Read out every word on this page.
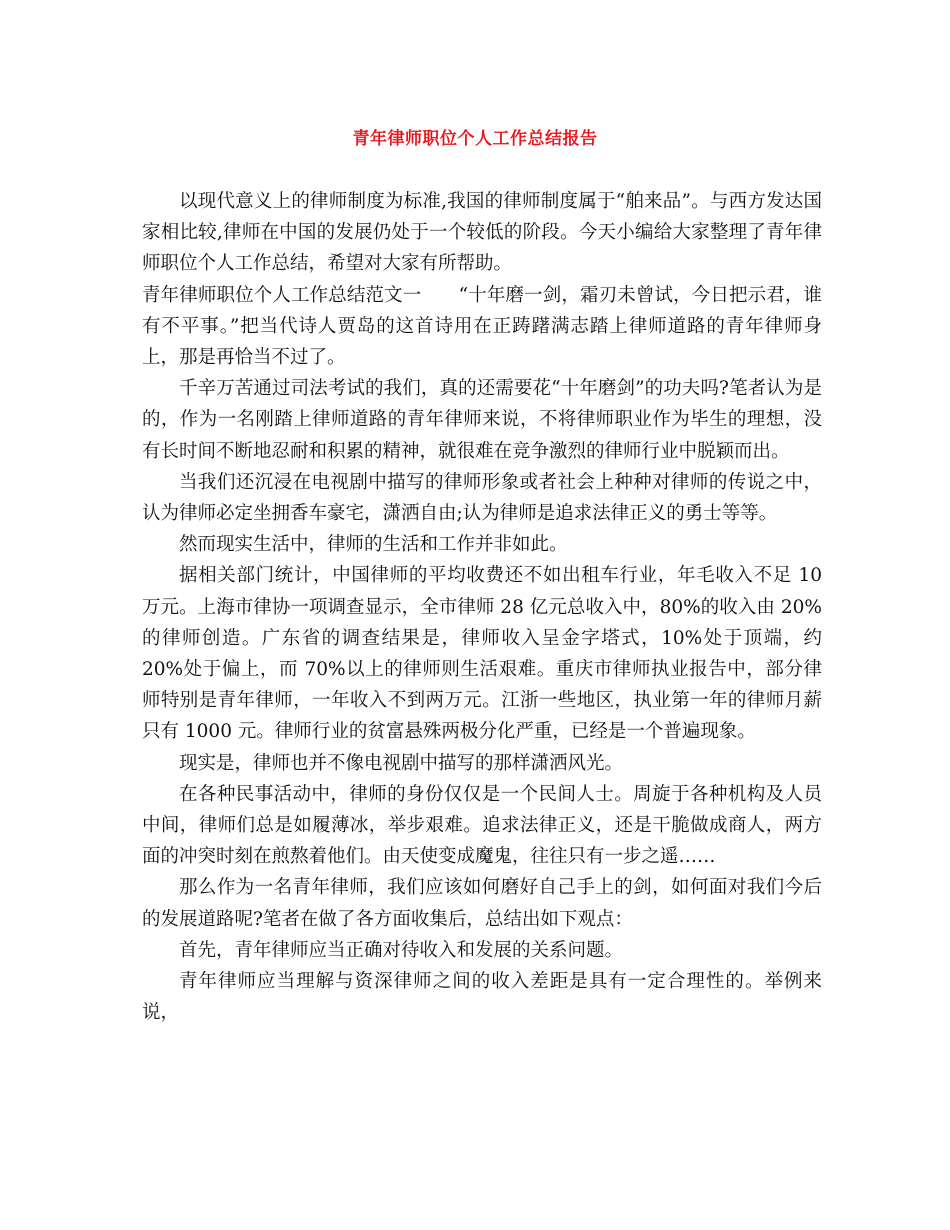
青年律师职位个人工作总结报告

以现代意义上的律师制度为标准,我国的律师制度属于“舶来品”。与西方发达国家相比较,律师在中国的发展仍处于一个较低的阶段。今天小编给大家整理了青年律师职位个人工作总结，希望对大家有所帮助。

青年律师职位个人工作总结范文一　　“十年磨一剑，霜刃未曾试，今日把示君，谁有不平事。”把当代诗人贾岛的这首诗用在正踌躇满志踏上律师道路的青年律师身上，那是再恰当不过了。

千辛万苦通过司法考试的我们，真的还需要花“十年磨剑”的功夫吗?笔者认为是的，作为一名刚踏上律师道路的青年律师来说，不将律师职业作为毕生的理想，没有长时间不断地忍耐和积累的精神，就很难在竞争激烈的律师行业中脱颖而出。

当我们还沉浸在电视剧中描写的律师形象或者社会上种种对律师的传说之中，认为律师必定坐拥香车豪宅，潇洒自由;认为律师是追求法律正义的勇士等等。

然而现实生活中，律师的生活和工作并非如此。

据相关部门统计，中国律师的平均收费还不如出租车行业，年毛收入不足 10 万元。上海市律协一项调查显示，全市律师 28 亿元总收入中，80%的收入由 20%的律师创造。广东省的调查结果是，律师收入呈金字塔式，10%处于顶端，约 20%处于偏上，而 70%以上的律师则生活艰难。重庆市律师执业报告中，部分律师特别是青年律师，一年收入不到两万元。江浙一些地区，执业第一年的律师月薪只有 1000 元。律师行业的贫富悬殊两极分化严重，已经是一个普遍现象。

现实是，律师也并不像电视剧中描写的那样潇洒风光。

在各种民事活动中，律师的身份仅仅是一个民间人士。周旋于各种机构及人员中间，律师们总是如履薄冰，举步艰难。追求法律正义，还是干脆做成商人，两方面的冲突时刻在煎熬着他们。由天使变成魔鬼，往往只有一步之遥……

那么作为一名青年律师，我们应该如何磨好自己手上的剑，如何面对我们今后的发展道路呢?笔者在做了各方面收集后，总结出如下观点：

首先，青年律师应当正确对待收入和发展的关系问题。

青年律师应当理解与资深律师之间的收入差距是具有一定合理性的。举例来说，
